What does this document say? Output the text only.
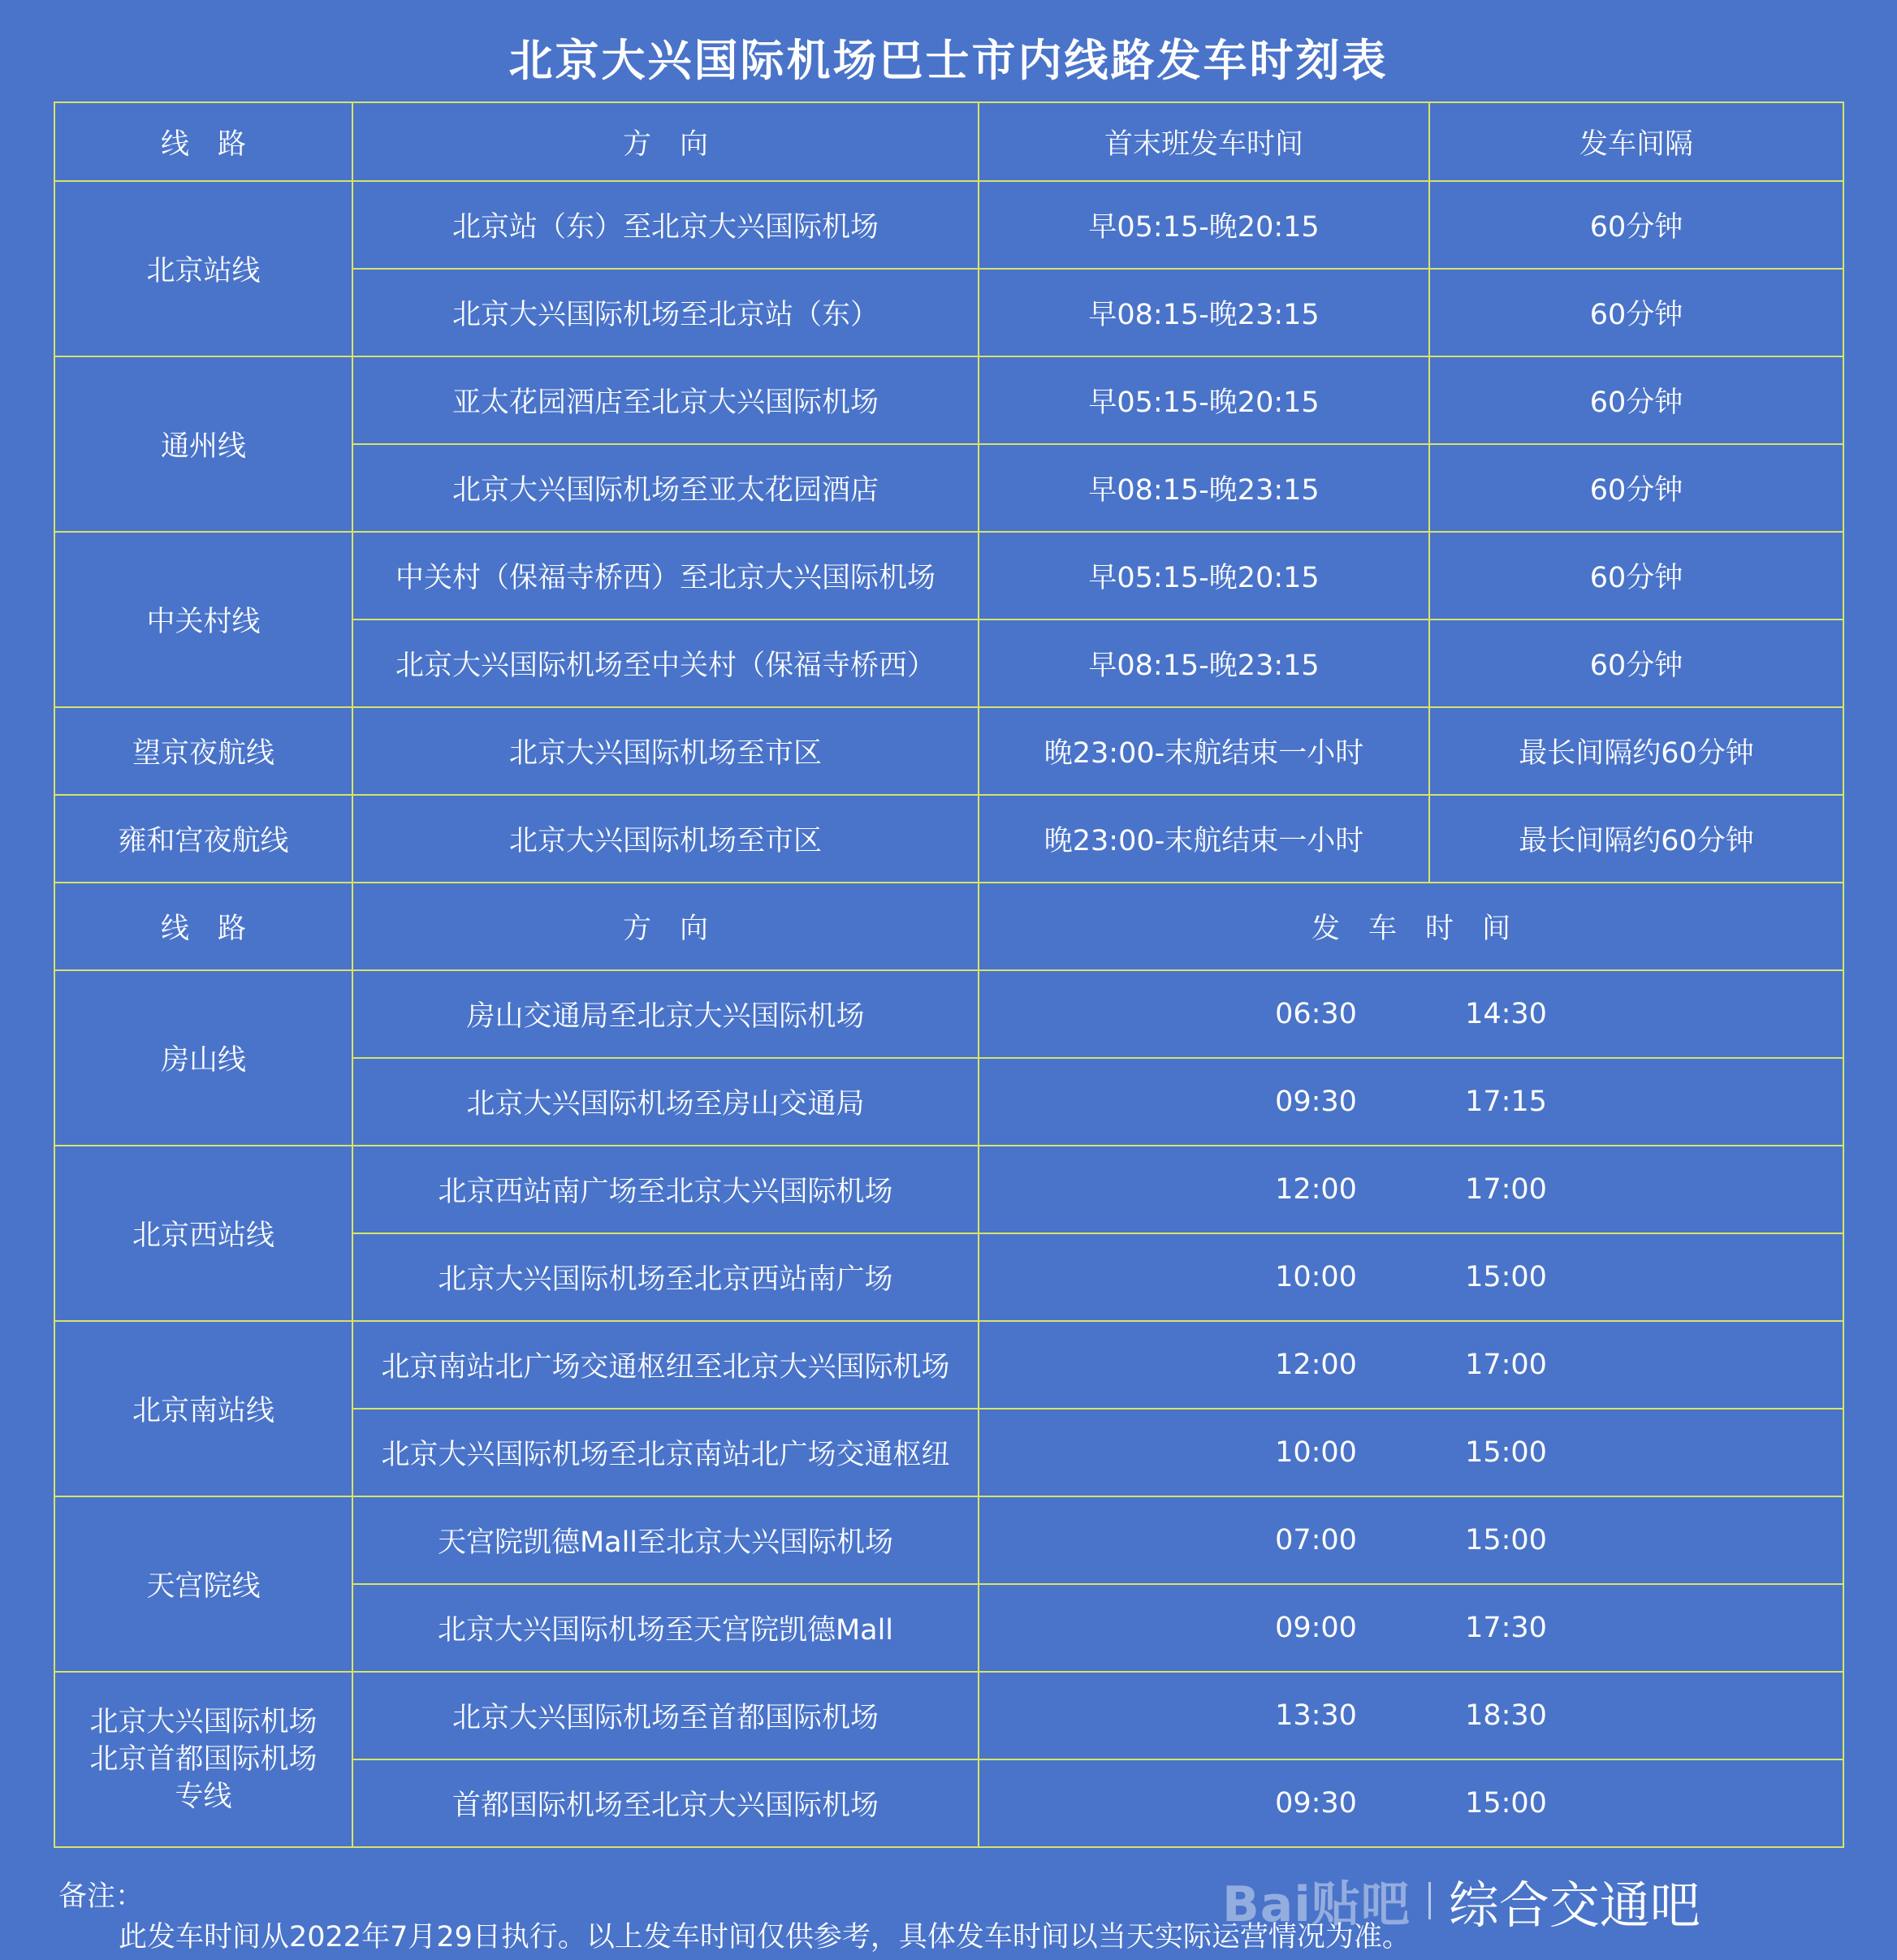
北京大兴国际机场巴士市内线路发车时刻表
线　路	方　向	首末班发车时间	发车间隔
北京站线	北京站（东）至北京大兴国际机场	早05:15-晚20:15	60分钟
	北京大兴国际机场至北京站（东）	早08:15-晚23:15	60分钟
通州线	亚太花园酒店至北京大兴国际机场	早05:15-晚20:15	60分钟
	北京大兴国际机场至亚太花园酒店	早08:15-晚23:15	60分钟
中关村线	中关村（保福寺桥西）至北京大兴国际机场	早05:15-晚20:15	60分钟
	北京大兴国际机场至中关村（保福寺桥西）	早08:15-晚23:15	60分钟
望京夜航线	北京大兴国际机场至市区	晚23:00-末航结束一小时	最长间隔约60分钟
雍和宫夜航线	北京大兴国际机场至市区	晚23:00-末航结束一小时	最长间隔约60分钟
线　路	方　向	发　车　时　间	
房山线	房山交通局至北京大兴国际机场	06:30 14:30	
	北京大兴国际机场至房山交通局	09:30 17:15	
北京西站线	北京西站南广场至北京大兴国际机场	12:00 17:00	
	北京大兴国际机场至北京西站南广场	10:00 15:00	
北京南站线	北京南站北广场交通枢纽至北京大兴国际机场	12:00 17:00	
	北京大兴国际机场至北京南站北广场交通枢纽	10:00 15:00	
天宫院线	天宫院凯德Mall至北京大兴国际机场	07:00 15:00	
	北京大兴国际机场至天宫院凯德Mall	09:00 17:30	

北京大兴国际机场
北京首都国际机场
专线	北京大兴国际机场至首都国际机场	13:30 18:30	
	首都国际机场至北京大兴国际机场	09:30 15:00	
备注：
此发车时间从2022年7月29日执行。以上发车时间仅供参考，具体发车时间以当天实际运营情况为准。
Bai贴吧 综合交通吧
